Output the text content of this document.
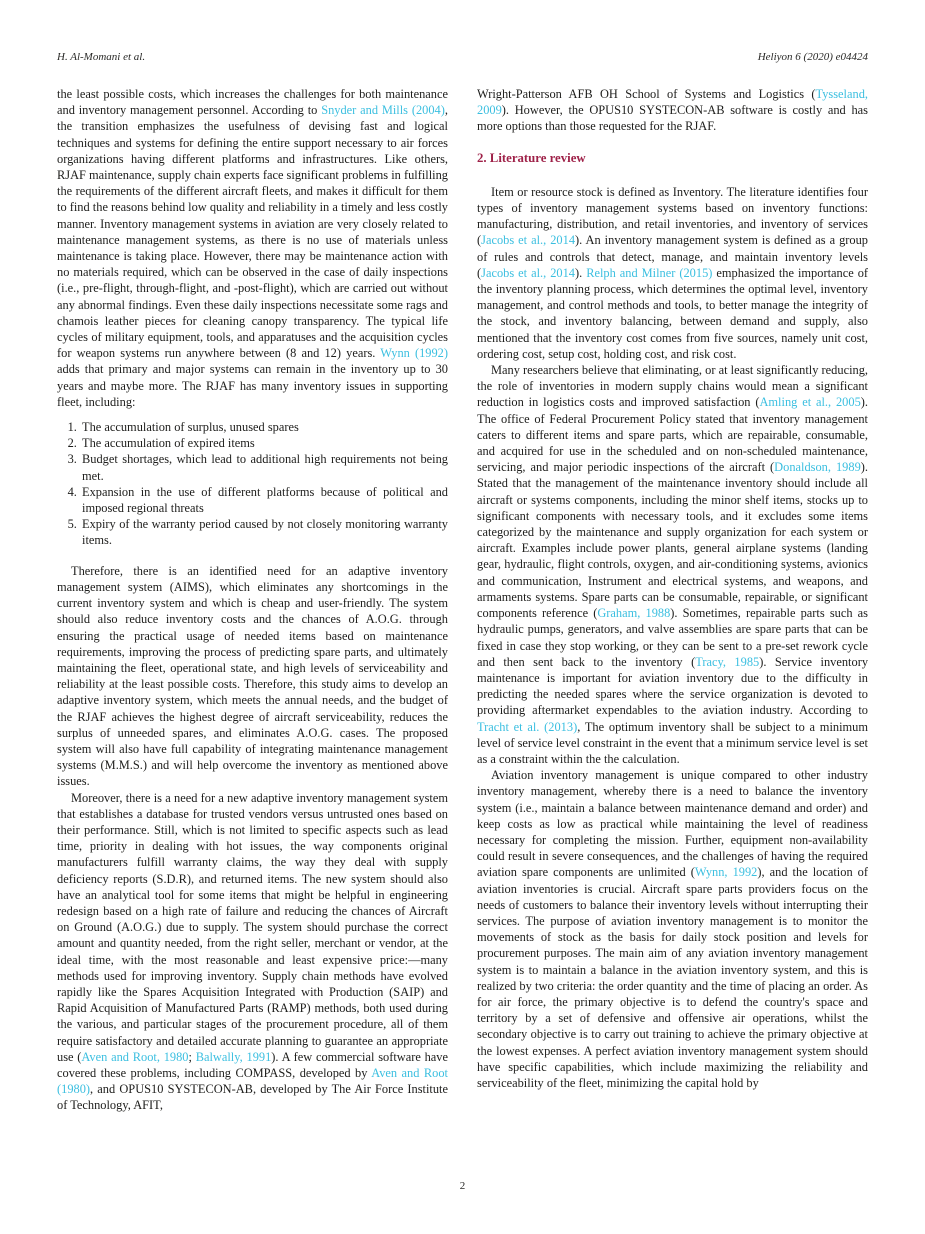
H. Al-Momani et al.	Heliyon 6 (2020) e04424

the least possible costs, which increases the challenges for both maintenance and inventory management personnel. According to Snyder and Mills (2004), the transition emphasizes the usefulness of devising fast and logical techniques and systems for defining the entire support necessary to air forces organizations having different platforms and infrastructures. Like others, RJAF maintenance, supply chain experts face significant problems in fulfilling the requirements of the different aircraft fleets, and makes it difficult for them to find the reasons behind low quality and reliability in a timely and less costly manner. Inventory management systems in aviation are very closely related to maintenance management systems, as there is no use of materials unless maintenance is taking place. However, there may be maintenance action with no materials required, which can be observed in the case of daily inspections (i.e., pre-flight, through-flight, and -post-flight), which are carried out without any abnormal findings. Even these daily inspections necessitate some rags and chamois leather pieces for cleaning canopy transparency. The typical life cycles of military equipment, tools, and apparatuses and the acquisition cycles for weapon systems run anywhere between (8 and 12) years. Wynn (1992) adds that primary and major systems can remain in the inventory up to 30 years and maybe more. The RJAF has many inventory issues in supporting fleet, including:

1. The accumulation of surplus, unused spares
2. The accumulation of expired items
3. Budget shortages, which lead to additional high requirements not being met.
4. Expansion in the use of different platforms because of political and imposed regional threats
5. Expiry of the warranty period caused by not closely monitoring warranty items.

Therefore, there is an identified need for an adaptive inventory management system (AIMS), which eliminates any shortcomings in the current inventory system and which is cheap and user-friendly. The system should also reduce inventory costs and the chances of A.O.G. through ensuring the practical usage of needed items based on maintenance requirements, improving the process of predicting spare parts, and ultimately maintaining the fleet, operational state, and high levels of serviceability and reliability at the least possible costs. Therefore, this study aims to develop an adaptive inventory system, which meets the annual needs, and the budget of the RJAF achieves the highest degree of aircraft serviceability, reduces the surplus of unneeded spares, and eliminates A.O.G. cases. The proposed system will also have full capability of integrating maintenance management systems (M.M.S.) and will help overcome the inventory as mentioned above issues.

Moreover, there is a need for a new adaptive inventory management system that establishes a database for trusted vendors versus untrusted ones based on their performance. Still, which is not limited to specific aspects such as lead time, priority in dealing with hot issues, the way components original manufacturers fulfill warranty claims, the way they deal with supply deficiency reports (S.D.R), and returned items. The new system should also have an analytical tool for some items that might be helpful in engineering redesign based on a high rate of failure and reducing the chances of Aircraft on Ground (A.O.G.) due to supply. The system should purchase the correct amount and quantity needed, from the right seller, merchant or vendor, at the ideal time, with the most reasonable and least expensive price:—many methods used for improving inventory. Supply chain methods have evolved rapidly like the Spares Acquisition Integrated with Production (SAIP) and Rapid Acquisition of Manufactured Parts (RAMP) methods, both used during the various, and particular stages of the procurement procedure, all of them require satisfactory and detailed accurate planning to guarantee an appropriate use (Aven and Root, 1980; Balwally, 1991). A few commercial software have covered these problems, including COMPASS, developed by Aven and Root (1980), and OPUS10 SYSTECON-AB, developed by The Air Force Institute of Technology, AFIT,

Wright-Patterson AFB OH School of Systems and Logistics (Tysseland, 2009). However, the OPUS10 SYSTECON-AB software is costly and has more options than those requested for the RJAF.

2. Literature review

Item or resource stock is defined as Inventory. The literature identifies four types of inventory management systems based on inventory functions: manufacturing, distribution, and retail inventories, and inventory of services (Jacobs et al., 2014). An inventory management system is defined as a group of rules and controls that detect, manage, and maintain inventory levels (Jacobs et al., 2014). Relph and Milner (2015) emphasized the importance of the inventory planning process, which determines the optimal level, inventory management, and control methods and tools, to better manage the integrity of the stock, and inventory balancing, between demand and supply, also mentioned that the inventory cost comes from five sources, namely unit cost, ordering cost, setup cost, holding cost, and risk cost.

Many researchers believe that eliminating, or at least significantly reducing, the role of inventories in modern supply chains would mean a significant reduction in logistics costs and improved satisfaction (Amling et al., 2005). The office of Federal Procurement Policy stated that inventory management caters to different items and spare parts, which are repairable, consumable, and acquired for use in the scheduled and on non-scheduled maintenance, servicing, and major periodic inspections of the aircraft (Donaldson, 1989). Stated that the management of the maintenance inventory should include all aircraft or systems components, including the minor shelf items, stocks up to significant components with necessary tools, and it excludes some items categorized by the maintenance and supply organization for each system or aircraft. Examples include power plants, general airplane systems (landing gear, hydraulic, flight controls, oxygen, and air-conditioning systems, avionics and communication, Instrument and electrical systems, and weapons, and armaments systems. Spare parts can be consumable, repairable, or significant components reference (Graham, 1988). Sometimes, repairable parts such as hydraulic pumps, generators, and valve assemblies are spare parts that can be fixed in case they stop working, or they can be sent to a pre-set rework cycle and then sent back to the inventory (Tracy, 1985). Service inventory maintenance is important for aviation inventory due to the difficulty in predicting the needed spares where the service organization is devoted to providing aftermarket expendables to the aviation industry. According to Tracht et al. (2013), The optimum inventory shall be subject to a minimum level of service level constraint in the event that a minimum service level is set as a constraint within the the calculation.

Aviation inventory management is unique compared to other industry inventory management, whereby there is a need to balance the inventory system (i.e., maintain a balance between maintenance demand and order) and keep costs as low as practical while maintaining the level of readiness necessary for completing the mission. Further, equipment non-availability could result in severe consequences, and the challenges of having the required aviation spare components are unlimited (Wynn, 1992), and the location of aviation inventories is crucial. Aircraft spare parts providers focus on the needs of customers to balance their inventory levels without interrupting their services. The purpose of aviation inventory management is to monitor the movements of stock as the basis for daily stock position and levels for procurement purposes. The main aim of any aviation inventory management system is to maintain a balance in the aviation inventory system, and this is realized by two criteria: the order quantity and the time of placing an order. As for air force, the primary objective is to defend the country's space and territory by a set of defensive and offensive air operations, whilst the secondary objective is to carry out training to achieve the primary objective at the lowest expenses. A perfect aviation inventory management system should have specific capabilities, which include maximizing the reliability and serviceability of the fleet, minimizing the capital hold by

2
